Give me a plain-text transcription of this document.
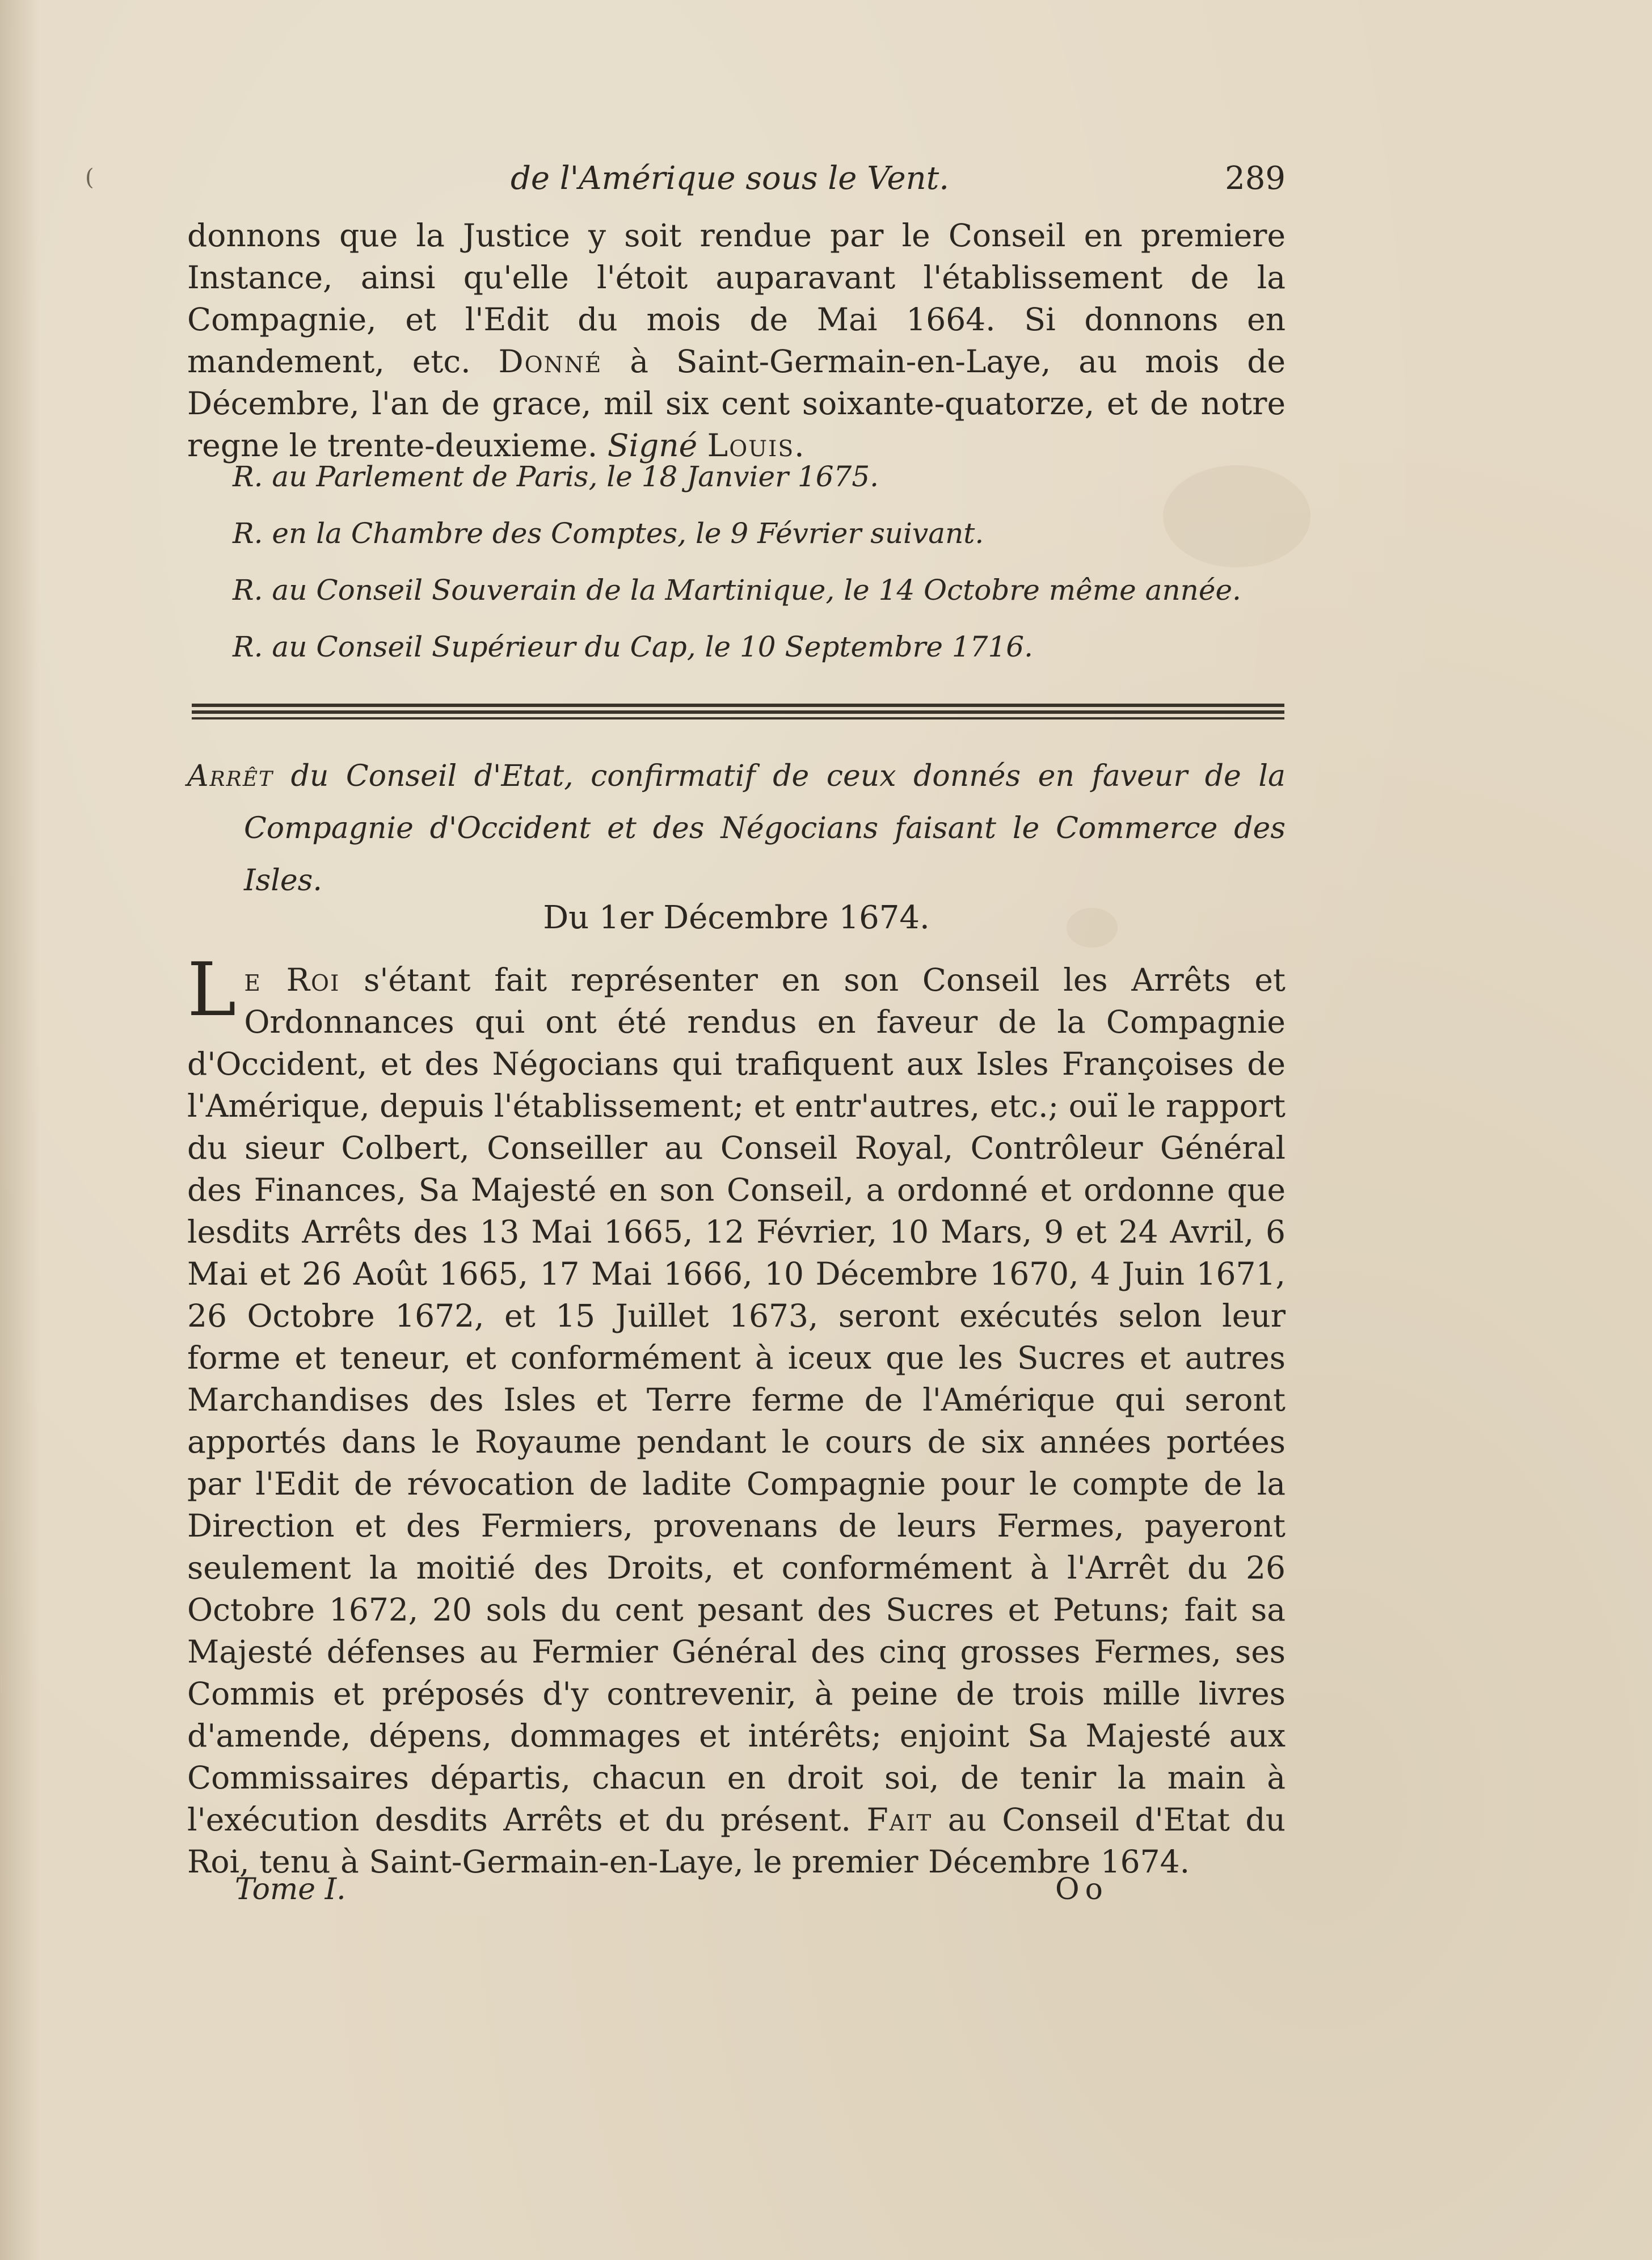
(	de l'Amérique sous le Vent.	289

donnons que la Justice y soit rendue par le Conseil en premiere Instance, ainsi qu'elle l'étoit auparavant l'établissement de la Compagnie, et l'Edit du mois de Mai 1664. Si donnons en mandement, etc. Donné à Saint-Germain-en-Laye, au mois de Décembre, l'an de grace, mil six cent soixante-quatorze, et de notre regne le trente-deuxieme. Signé Louis.

R. au Parlement de Paris, le 18 Janvier 1675.
R. en la Chambre des Comptes, le 9 Février suivant.
R. au Conseil Souverain de la Martinique, le 14 Octobre même année.
R. au Conseil Supérieur du Cap, le 10 Septembre 1716.
Arrêt du Conseil d'Etat, confirmatif de ceux donnés en faveur de la Compagnie d'Occident et des Négocians faisant le Commerce des Isles.
Du 1er Décembre 1674.

Le Roi s'étant fait représenter en son Conseil les Arrêts et Ordonnances qui ont été rendus en faveur de la Compagnie d'Occident, et des Négocians qui trafiquent aux Isles Françoises de l'Amérique, depuis l'établissement; et entr'autres, etc.; ouï le rapport du sieur Colbert, Conseiller au Conseil Royal, Contrôleur Général des Finances, Sa Majesté en son Conseil, a ordonné et ordonne que lesdits Arrêts des 13 Mai 1665, 12 Février, 10 Mars, 9 et 24 Avril, 6 Mai et 26 Août 1665, 17 Mai 1666, 10 Décembre 1670, 4 Juin 1671, 26 Octobre 1672, et 15 Juillet 1673, seront exécutés selon leur forme et teneur, et conformément à iceux que les Sucres et autres Marchandises des Isles et Terre ferme de l'Amérique qui seront apportés dans le Royaume pendant le cours de six années portées par l'Edit de révocation de ladite Compagnie pour le compte de la Direction et des Fermiers, provenans de leurs Fermes, payeront seulement la moitié des Droits, et conformément à l'Arrêt du 26 Octobre 1672, 20 sols du cent pesant des Sucres et Petuns; fait sa Majesté défenses au Fermier Général des cinq grosses Fermes, ses Commis et préposés d'y contrevenir, à peine de trois mille livres d'amende, dépens, dommages et intérêts; enjoint Sa Majesté aux Commissaires départis, chacun en droit soi, de tenir la main à l'exécution desdits Arrêts et du présent. Fait au Conseil d'Etat du Roi, tenu à Saint-Germain-en-Laye, le premier Décembre 1674.

Tome I.	Oo
